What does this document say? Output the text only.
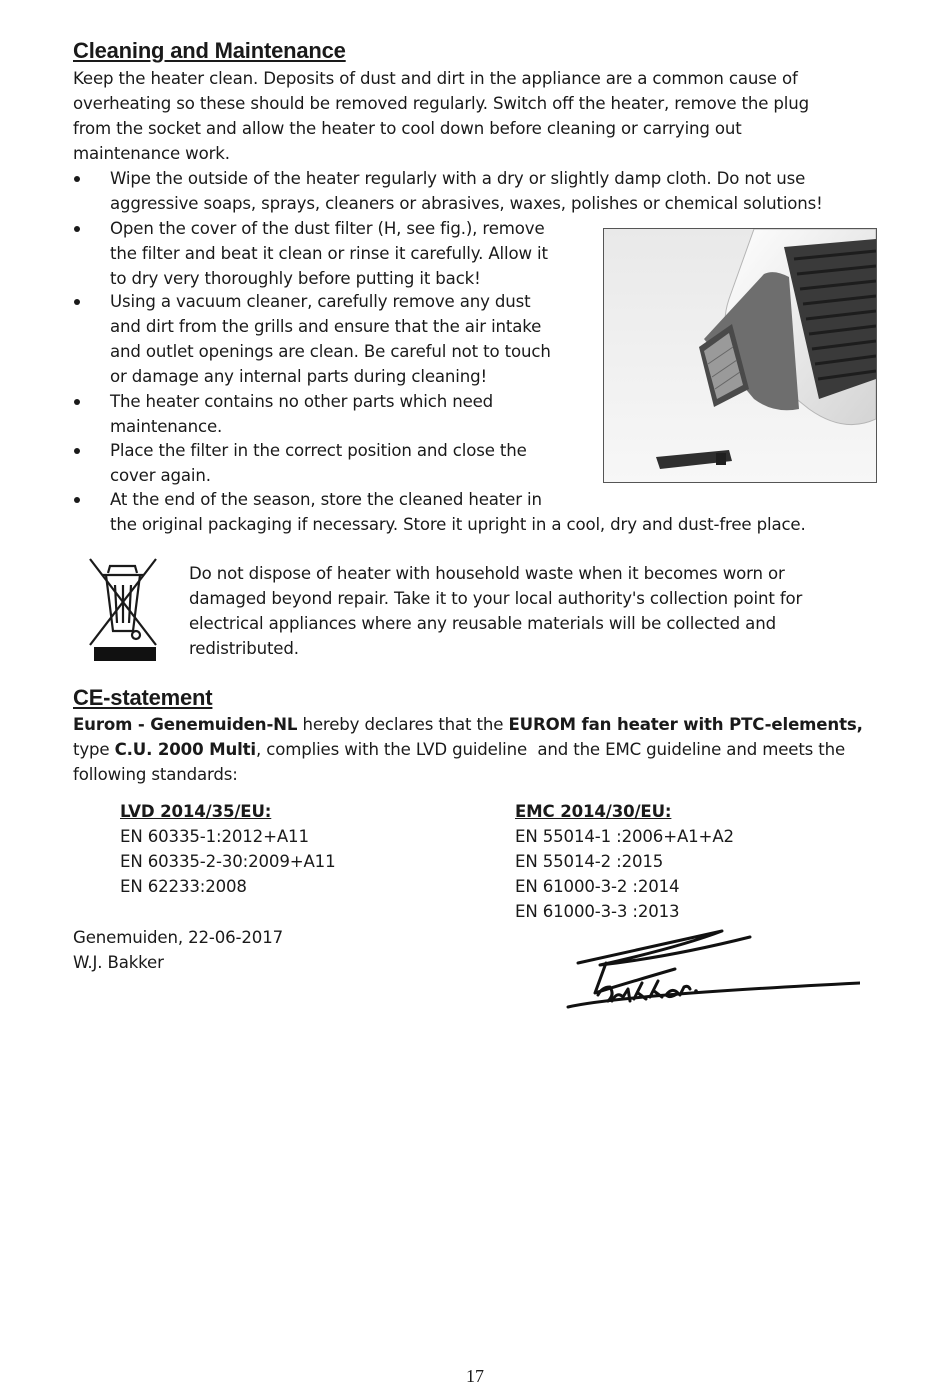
Cleaning and Maintenance

Keep the heater clean. Deposits of dust and dirt in the appliance are a common cause of

overheating so these should be removed regularly. Switch off the heater, remove the plug

from the socket and allow the heater to cool down before cleaning or carrying out

maintenance work.

Wipe the outside of the heater regularly with a dry or slightly damp cloth. Do not use

aggressive soaps, sprays, cleaners or abrasives, waxes, polishes or chemical solutions!

Open the cover of the dust filter (H, see fig.), remove

the filter and beat it clean or rinse it carefully. Allow it

to dry very thoroughly before putting it back!

Using a vacuum cleaner, carefully remove any dust

and dirt from the grills and ensure that the air intake

and outlet openings are clean. Be careful not to touch

or damage any internal parts during cleaning!

The heater contains no other parts which need

maintenance.

Place the filter in the correct position and close the

cover again.

At the end of the season, store the cleaned heater in

the original packaging if necessary. Store it upright in a cool, dry and dust-free place.

Do not dispose of heater with household waste when it becomes worn or

damaged beyond repair. Take it to your local authority's collection point for

electrical appliances where any reusable materials will be collected and

redistributed.

CE-statement

Eurom - Genemuiden-NL hereby declares that the EUROM fan heater with PTC-elements,

type C.U. 2000 Multi, complies with the LVD guideline  and the EMC guideline and meets the

following standards:

LVD 2014/35/EU:

EN 60335-1:2012+A11

EN 60335-2-30:2009+A11

EN 62233:2008

EMC 2014/30/EU:

EN 55014-1 :2006+A1+A2

EN 55014-2 :2015

EN 61000-3-2 :2014

EN 61000-3-3 :2013

Genemuiden, 22-06-2017

W.J. Bakker

17
